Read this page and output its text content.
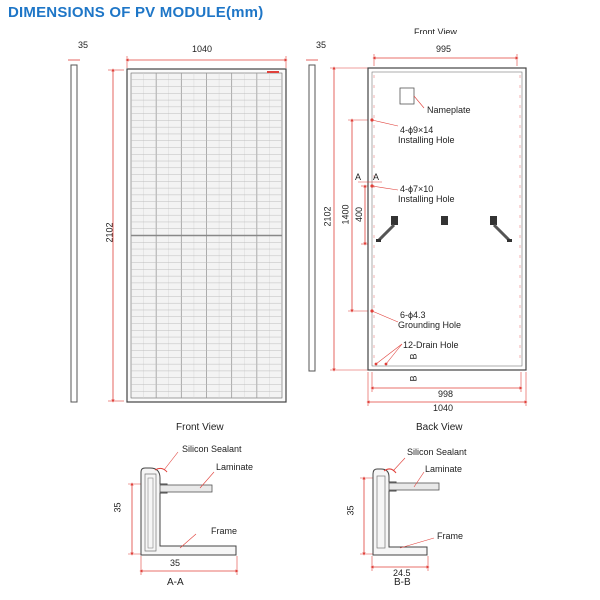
DIMENSIONS OF PV MODULE(mm)
35	1040
2102
Front View
Front View
35	995
2102 1400 400
Nameplate
4-ϕ9×14
Installing Hole
A A
4-ϕ7×10
Installing Hole
6-ϕ4.3
Grounding Hole
12-Drain Hole
B
B
998
1040
Back View
Silicon Sealant
Laminate
Frame
35
35
A-A
Silicon Sealant
Laminate
Frame
35
24.5
B-B
